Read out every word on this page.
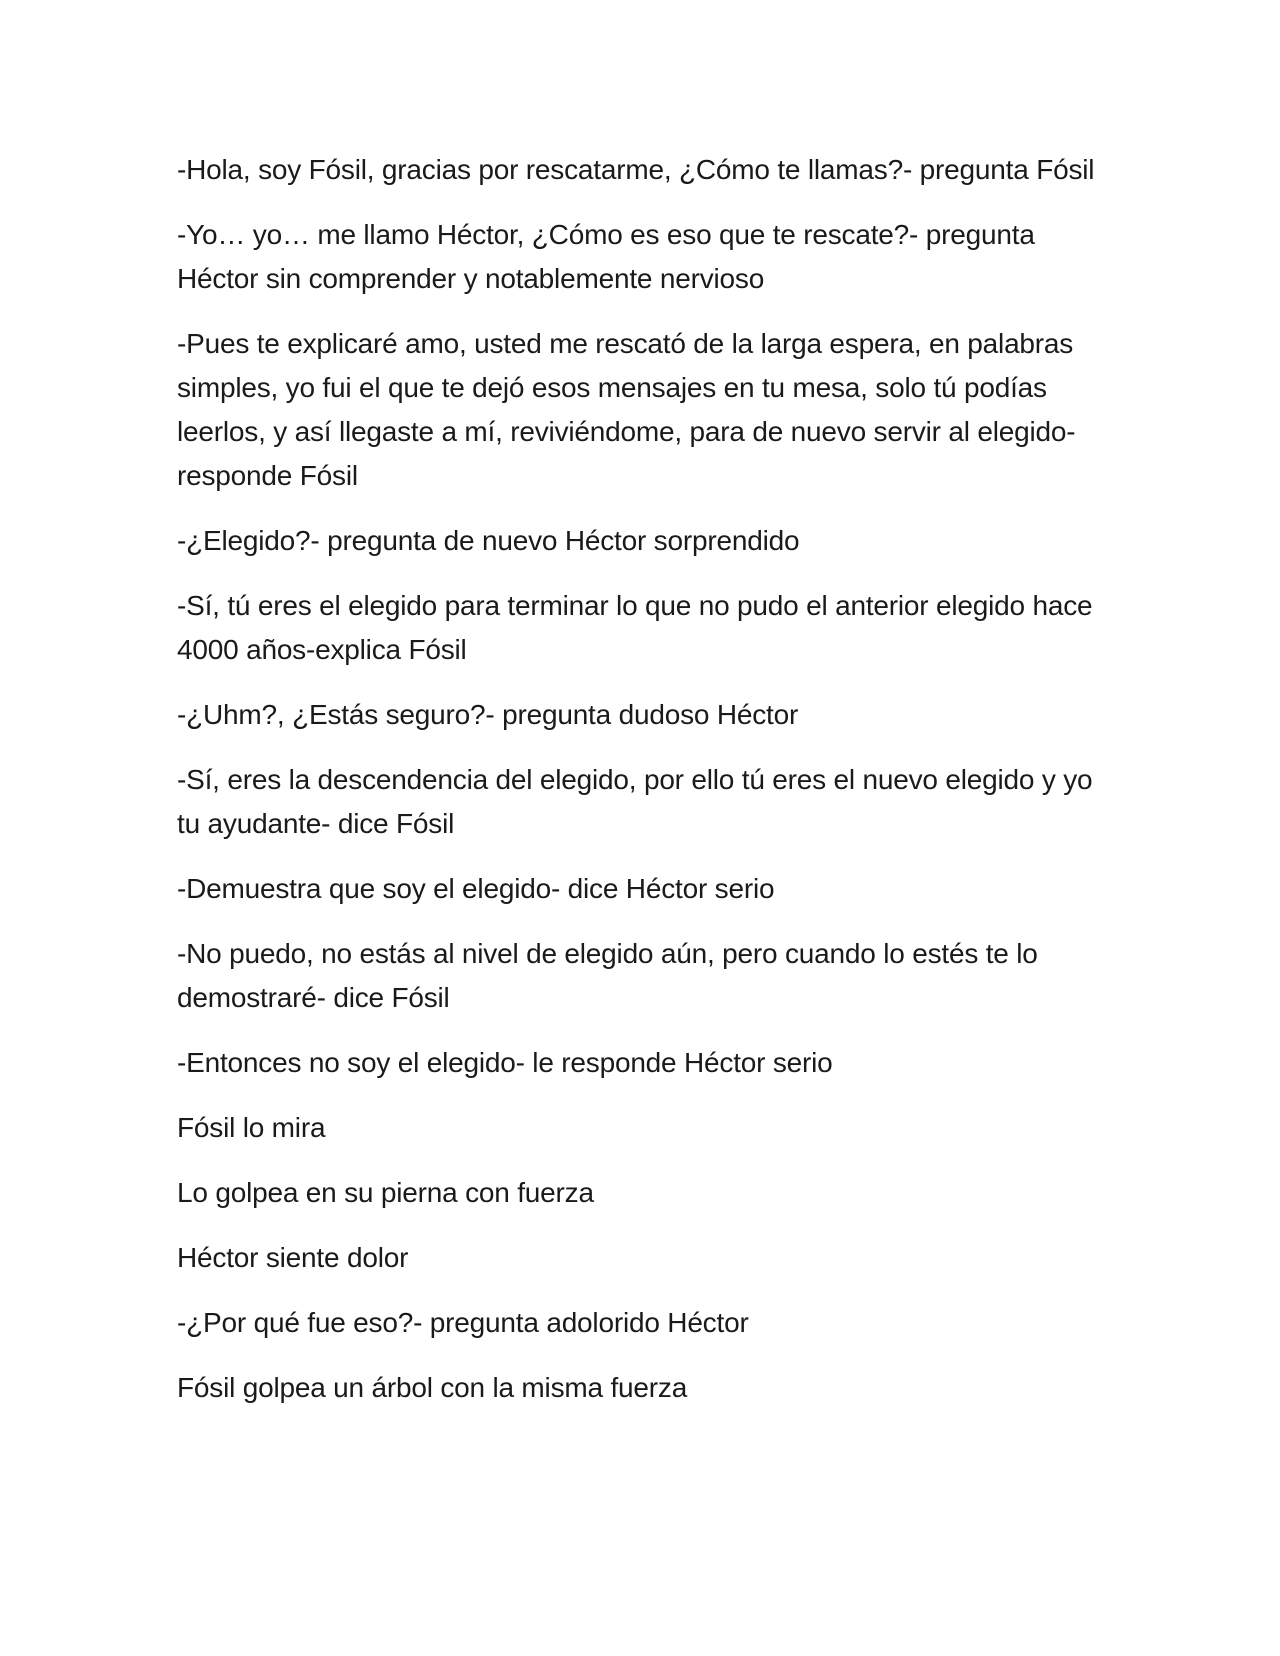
-Hola, soy Fósil, gracias por rescatarme, ¿Cómo te llamas?- pregunta Fósil

-Yo… yo… me llamo Héctor, ¿Cómo es eso que te rescate?- pregunta Héctor sin comprender y notablemente nervioso

-Pues te explicaré amo, usted me rescató de la larga espera, en palabras simples, yo fui el que te dejó esos mensajes en tu mesa, solo tú podías leerlos, y así llegaste a mí, reviviéndome, para de nuevo servir al elegido- responde Fósil

-¿Elegido?- pregunta de nuevo Héctor sorprendido

-Sí, tú eres el elegido para terminar lo que no pudo el anterior elegido hace 4000 años-explica Fósil

-¿Uhm?, ¿Estás seguro?- pregunta dudoso Héctor

-Sí, eres la descendencia del elegido, por ello tú eres el nuevo elegido y yo tu ayudante- dice Fósil

-Demuestra que soy el elegido- dice Héctor serio

-No puedo, no estás al nivel de elegido aún, pero cuando lo estés te lo demostraré- dice Fósil

-Entonces no soy el elegido- le responde Héctor serio

Fósil lo mira

Lo golpea en su pierna con fuerza

Héctor siente dolor

-¿Por qué fue eso?- pregunta adolorido Héctor

Fósil golpea un árbol con la misma fuerza
